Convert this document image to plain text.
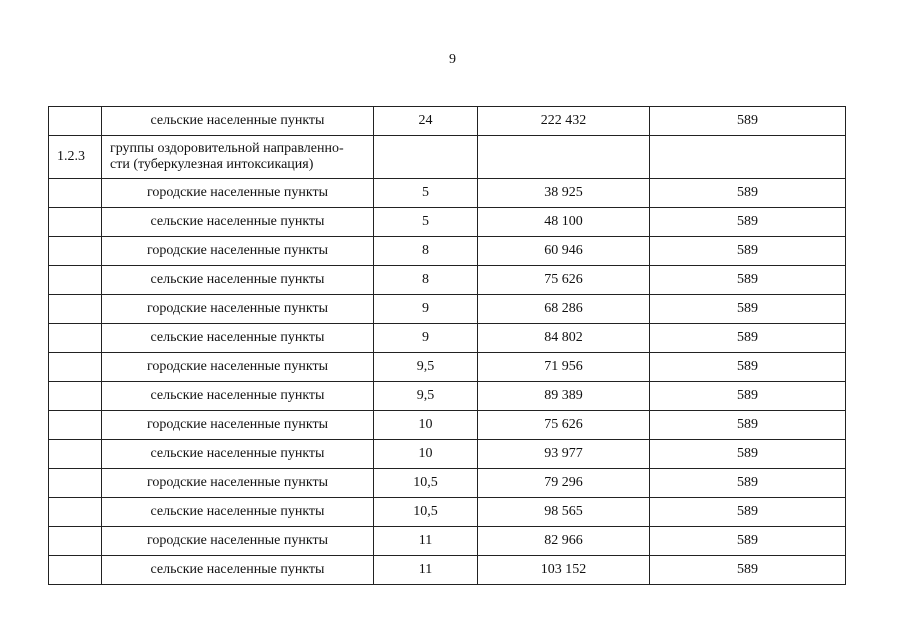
9
	сельские населенные пункты	24	222 432	589
1.2.3	группы оздоровительной направленно-
сти (туберкулезная интоксикация)			
	городские населенные пункты	5	38 925	589
	сельские населенные пункты	5	48 100	589
	городские населенные пункты	8	60 946	589
	сельские населенные пункты	8	75 626	589
	городские населенные пункты	9	68 286	589
	сельские населенные пункты	9	84 802	589
	городские населенные пункты	9,5	71 956	589
	сельские населенные пункты	9,5	89 389	589
	городские населенные пункты	10	75 626	589
	сельские населенные пункты	10	93 977	589
	городские населенные пункты	10,5	79 296	589
	сельские населенные пункты	10,5	98 565	589
	городские населенные пункты	11	82 966	589
	сельские населенные пункты	11	103 152	589
